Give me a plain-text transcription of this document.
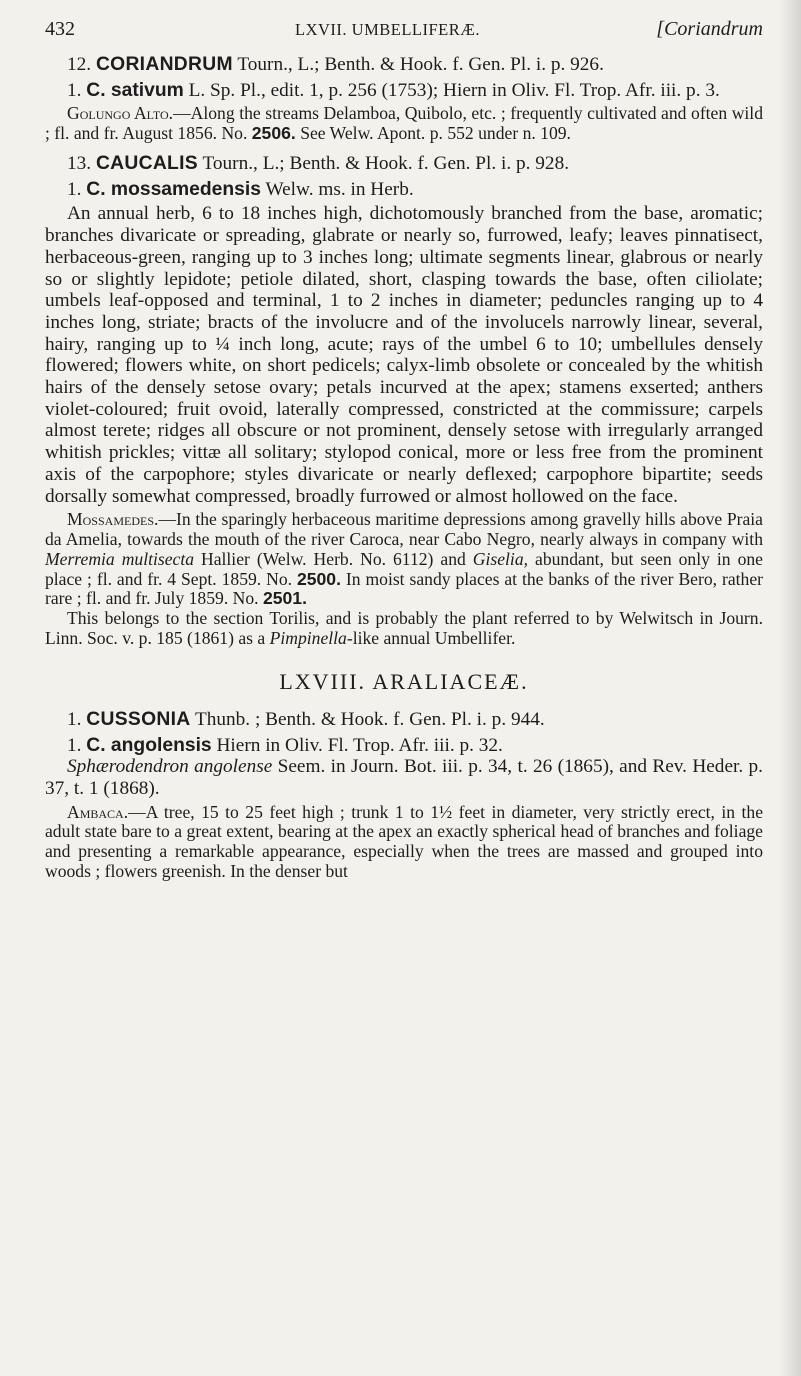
432	LXVII. UMBELLIFERÆ.	[Coriandrum

12. CORIANDRUM Tourn., L.; Benth. & Hook. f. Gen. Pl. i. p. 926.

1. C. sativum L. Sp. Pl., edit. 1, p. 256 (1753); Hiern in Oliv. Fl. Trop. Afr. iii. p. 3.

Golungo Alto.—Along the streams Delamboa, Quibolo, etc. ; frequently cultivated and often wild ; fl. and fr. August 1856. No. 2506. See Welw. Apont. p. 552 under n. 109.

13. CAUCALIS Tourn., L.; Benth. & Hook. f. Gen. Pl. i. p. 928.

1. C. mossamedensis Welw. ms. in Herb.

An annual herb, 6 to 18 inches high, dichotomously branched from the base, aromatic; branches divaricate or spreading, glabrate or nearly so, furrowed, leafy; leaves pinnatisect, herbaceous-green, ranging up to 3 inches long; ultimate segments linear, glabrous or nearly so or slightly lepidote; petiole dilated, short, clasping towards the base, often ciliolate; umbels leaf-opposed and terminal, 1 to 2 inches in diameter; peduncles ranging up to 4 inches long, striate; bracts of the involucre and of the involucels narrowly linear, several, hairy, ranging up to ¼ inch long, acute; rays of the umbel 6 to 10; umbellules densely flowered; flowers white, on short pedicels; calyx-limb obsolete or concealed by the whitish hairs of the densely setose ovary; petals incurved at the apex; stamens exserted; anthers violet-coloured; fruit ovoid, laterally compressed, constricted at the commissure; carpels almost terete; ridges all obscure or not prominent, densely setose with irregularly arranged whitish prickles; vittæ all solitary; stylopod conical, more or less free from the prominent axis of the carpophore; styles divaricate or nearly deflexed; carpophore bipartite; seeds dorsally somewhat compressed, broadly furrowed or almost hollowed on the face.

Mossamedes.—In the sparingly herbaceous maritime depressions among gravelly hills above Praia da Amelia, towards the mouth of the river Caroca, near Cabo Negro, nearly always in company with Merremia multisecta Hallier (Welw. Herb. No. 6112) and Giselia, abundant, but seen only in one place ; fl. and fr. 4 Sept. 1859. No. 2500. In moist sandy places at the banks of the river Bero, rather rare ; fl. and fr. July 1859. No. 2501.

This belongs to the section Torilis, and is probably the plant referred to by Welwitsch in Journ. Linn. Soc. v. p. 185 (1861) as a Pimpinella-like annual Umbellifer.

LXVIII. ARALIACEÆ.

1. CUSSONIA Thunb. ; Benth. & Hook. f. Gen. Pl. i. p. 944.

1. C. angolensis Hiern in Oliv. Fl. Trop. Afr. iii. p. 32.

Sphærodendron angolense Seem. in Journ. Bot. iii. p. 34, t. 26 (1865), and Rev. Heder. p. 37, t. 1 (1868).

Ambaca.—A tree, 15 to 25 feet high ; trunk 1 to 1½ feet in diameter, very strictly erect, in the adult state bare to a great extent, bearing at the apex an exactly spherical head of branches and foliage and presenting a remarkable appearance, especially when the trees are massed and grouped into woods ; flowers greenish. In the denser but
